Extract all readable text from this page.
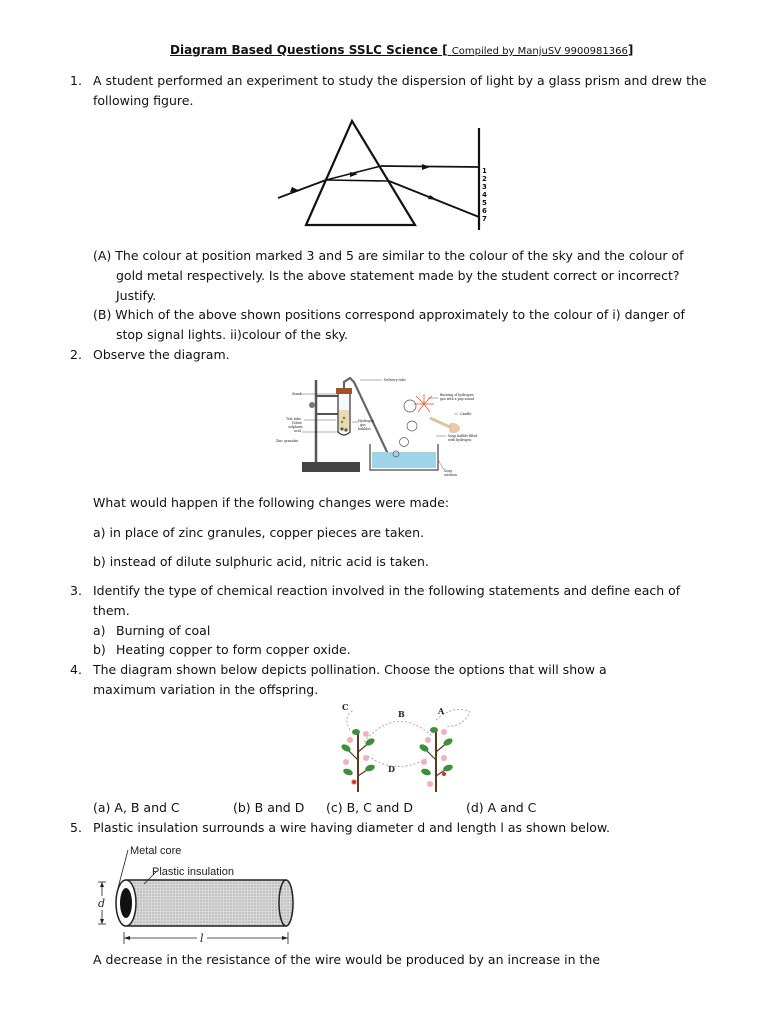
Diagram Based Questions SSLC Science [ Compiled by ManjuSV 9900981366]
1. A student performed an experiment to study the dispersion of light by a glass prism and drew the
following figure.
1
2
3
4
5
6
7
(A) The colour at position marked 3 and 5 are similar to the colour of the sky and the colour of
gold metal respectively. Is the above statement made by the student correct or incorrect?
Justify.
(B) Which of the above shown positions correspond approximately to the colour of i) danger of
stop signal lights. ii)colour of the sky.
2. Observe the diagram.
Stand
Test tube
Dilute
sulphuric
acid
Zinc granules
Hydrogen
gas
bubbles
Delivery tube
Burning of hydrogen
gas with a pop sound
Candle
Soap bubble filled
with hydrogen
Soap
solution
What would happen if the following changes were made:
a) in place of zinc granules, copper pieces are taken.
b) instead of dilute sulphuric acid, nitric acid is taken.
3. Identify the type of chemical reaction involved in the following statements and define each of
them.
a) Burning of coal
b) Heating copper to form copper oxide.
4. The diagram shown below depicts pollination. Choose the options that will show a
maximum variation in the offspring.
C
B	A
D
(a) A, B and C	(b) B and D (c) B, C and D	(d) A and C
5. Plastic insulation surrounds a wire having diameter d and length l as shown below.
Metal core
Plastic insulation
d
l
A decrease in the resistance of the wire would be produced by an increase in the
